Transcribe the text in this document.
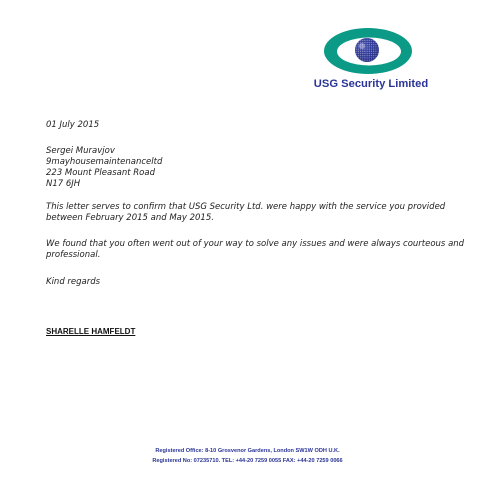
USG Security Limited
01 July 2015
Sergei Muravjov
9mayhousemaintenanceltd
223 Mount Pleasant Road
N17 6JH
This letter serves to confirm that USG Security Ltd. were happy with the service you provided between February 2015 and May 2015.
We found that you often went out of your way to solve any issues and were always courteous and professional.
Kind regards
SHARELLE HAMFELDT
Registered Office: 8-10 Grosvenor Gardens, London SW1W ODH U.K.
Registered No: 07235710. TEL: +44-20 7259 0055 FAX: +44-20 7259 0066
